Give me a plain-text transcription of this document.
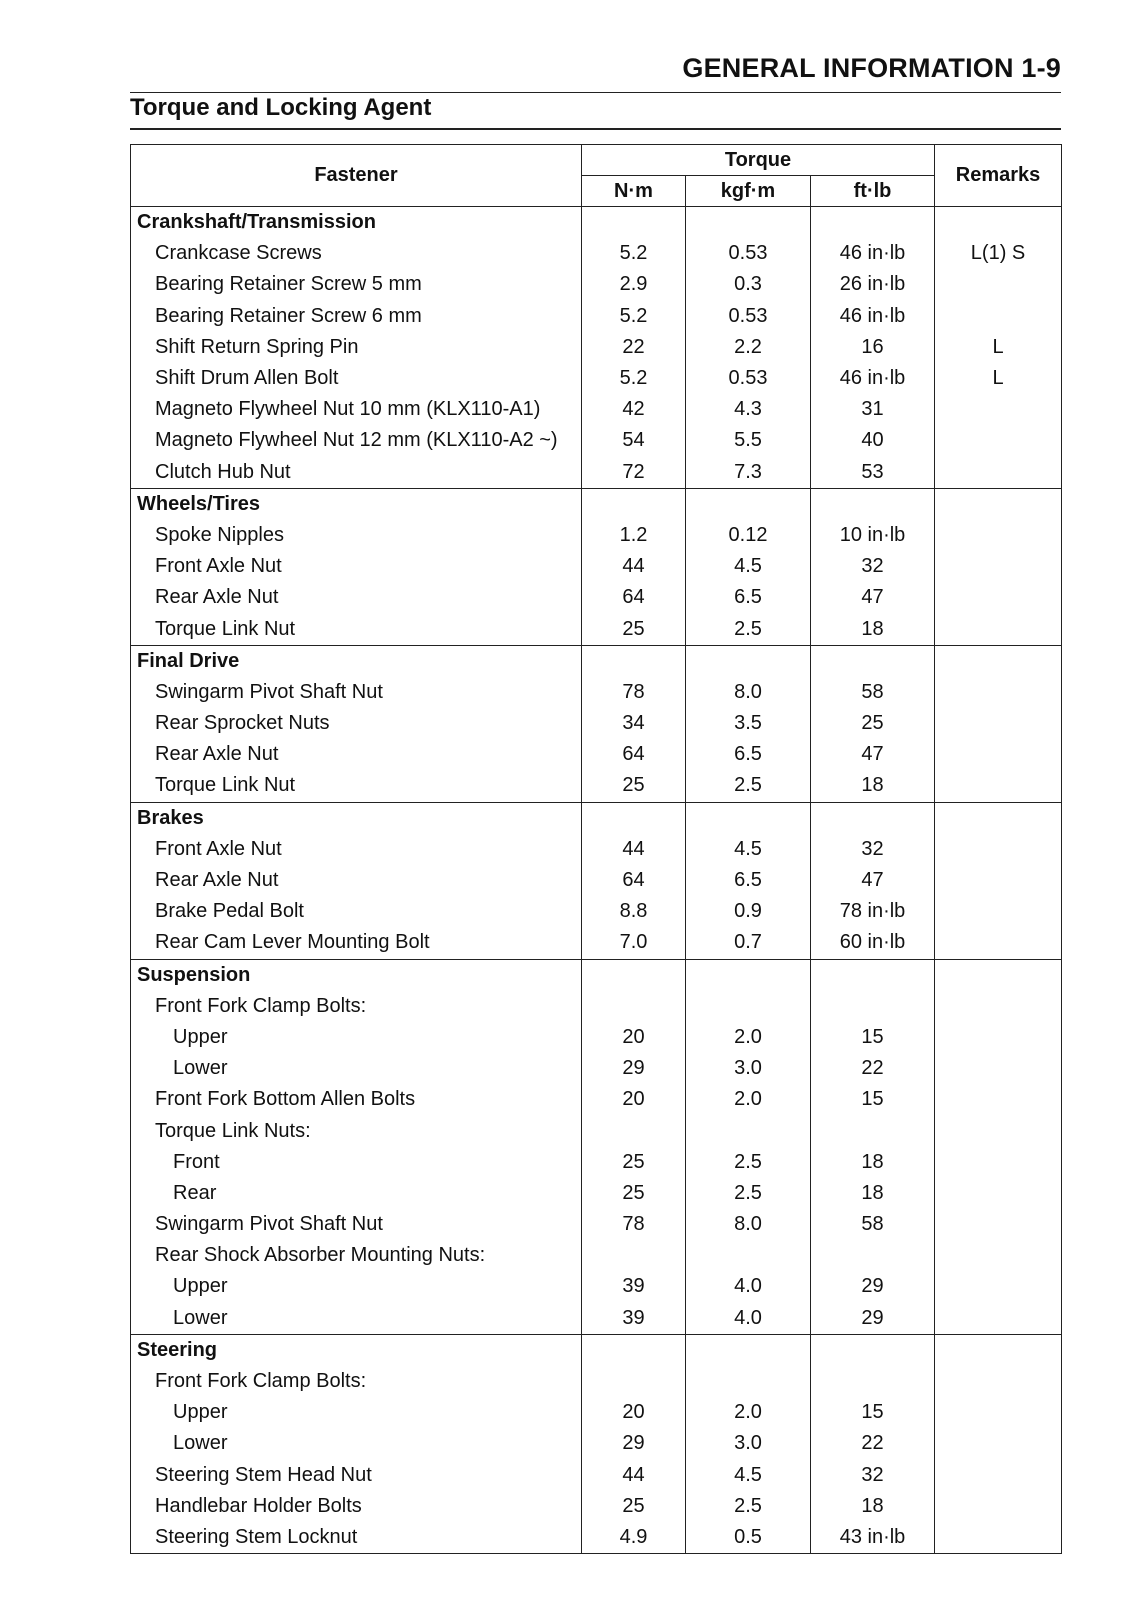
GENERAL INFORMATION 1-9
Torque and Locking Agent
Fastener	Torque			Remarks
	N·m	kgf·m	ft·lb	
Crankshaft/Transmission				
Crankcase Screws	5.2	0.53	46 in·lb	L(1) S
Bearing Retainer Screw 5 mm	2.9	0.3	26 in·lb	
Bearing Retainer Screw 6 mm	5.2	0.53	46 in·lb	
Shift Return Spring Pin	22	2.2	16	L
Shift Drum Allen Bolt	5.2	0.53	46 in·lb	L
Magneto Flywheel Nut 10 mm (KLX110-A1)	42	4.3	31	
Magneto Flywheel Nut 12 mm (KLX110-A2 ~)	54	5.5	40	
Clutch Hub Nut	72	7.3	53	
Wheels/Tires				
Spoke Nipples	1.2	0.12	10 in·lb	
Front Axle Nut	44	4.5	32	
Rear Axle Nut	64	6.5	47	
Torque Link Nut	25	2.5	18	
Final Drive				
Swingarm Pivot Shaft Nut	78	8.0	58	
Rear Sprocket Nuts	34	3.5	25	
Rear Axle Nut	64	6.5	47	
Torque Link Nut	25	2.5	18	
Brakes				
Front Axle Nut	44	4.5	32	
Rear Axle Nut	64	6.5	47	
Brake Pedal Bolt	8.8	0.9	78 in·lb	
Rear Cam Lever Mounting Bolt	7.0	0.7	60 in·lb	
Suspension				
Front Fork Clamp Bolts:				
Upper	20	2.0	15	
Lower	29	3.0	22	
Front Fork Bottom Allen Bolts	20	2.0	15	
Torque Link Nuts:				
Front	25	2.5	18	
Rear	25	2.5	18	
Swingarm Pivot Shaft Nut	78	8.0	58	
Rear Shock Absorber Mounting Nuts:				
Upper	39	4.0	29	
Lower	39	4.0	29	
Steering				
Front Fork Clamp Bolts:				
Upper	20	2.0	15	
Lower	29	3.0	22	
Steering Stem Head Nut	44	4.5	32	
Handlebar Holder Bolts	25	2.5	18	
Steering Stem Locknut	4.9	0.5	43 in·lb	
